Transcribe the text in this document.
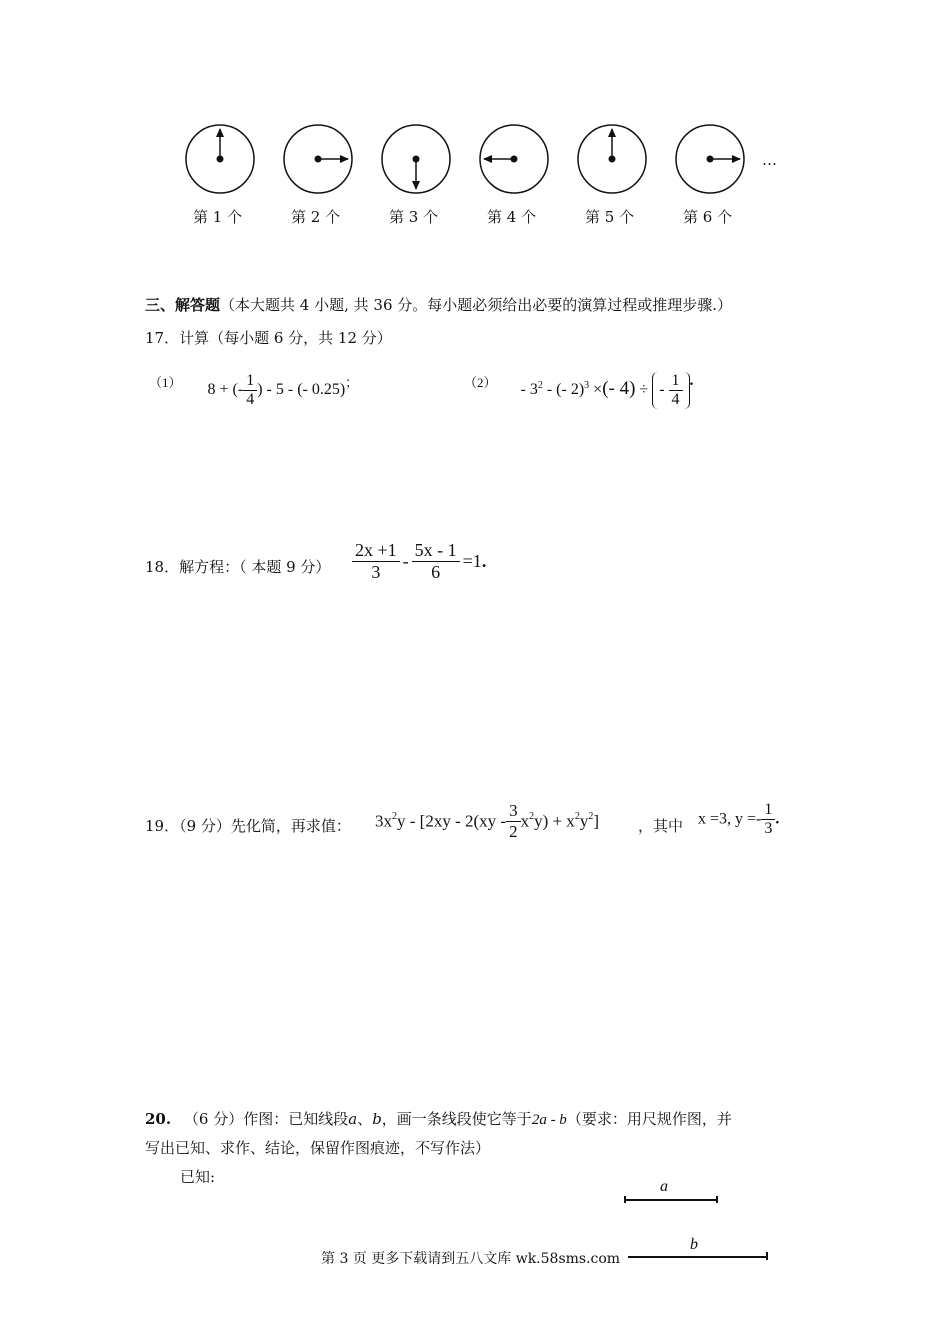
第 1 个	第 2 个	第 3 个	第 4 个	第 5 个	第 6 个
…
三、解答题（本大题共 4 小题, 共 36 分。每小题必须给出必要的演算过程或推理步骤.）
17．计算（每小题 6 分，共 12 分）
$^{(1)}$ 8 + (- $\frac{1}{4}$ ) - 5 - (- 0.25)；	$^{(2)} - 3^2$ - (- 2)$^3$ ×(- 4) ÷ - $\frac{1}{4}$ .
18．解方程：（ 本题 9 分） $\frac{2x +1}{3} - \frac{5x - 1}{6} =1$.
19．（9 分）先化简，再求值： $3x^2y - [2xy - 2(xy - \frac{3}{2} x^2y) + x^2y^2]$	，其中 x =3, $y =- \frac{1}{3}$ .
20. （6 分）作图：已知线段a、b，画一条线段使它等于2a - b（要求：用尺规作图，并
写出已知、求作、结论，保留作图痕迹，不写作法）
已知:
a
b
第 3 页 更多下载请到五八文库 wk.58sms.com
